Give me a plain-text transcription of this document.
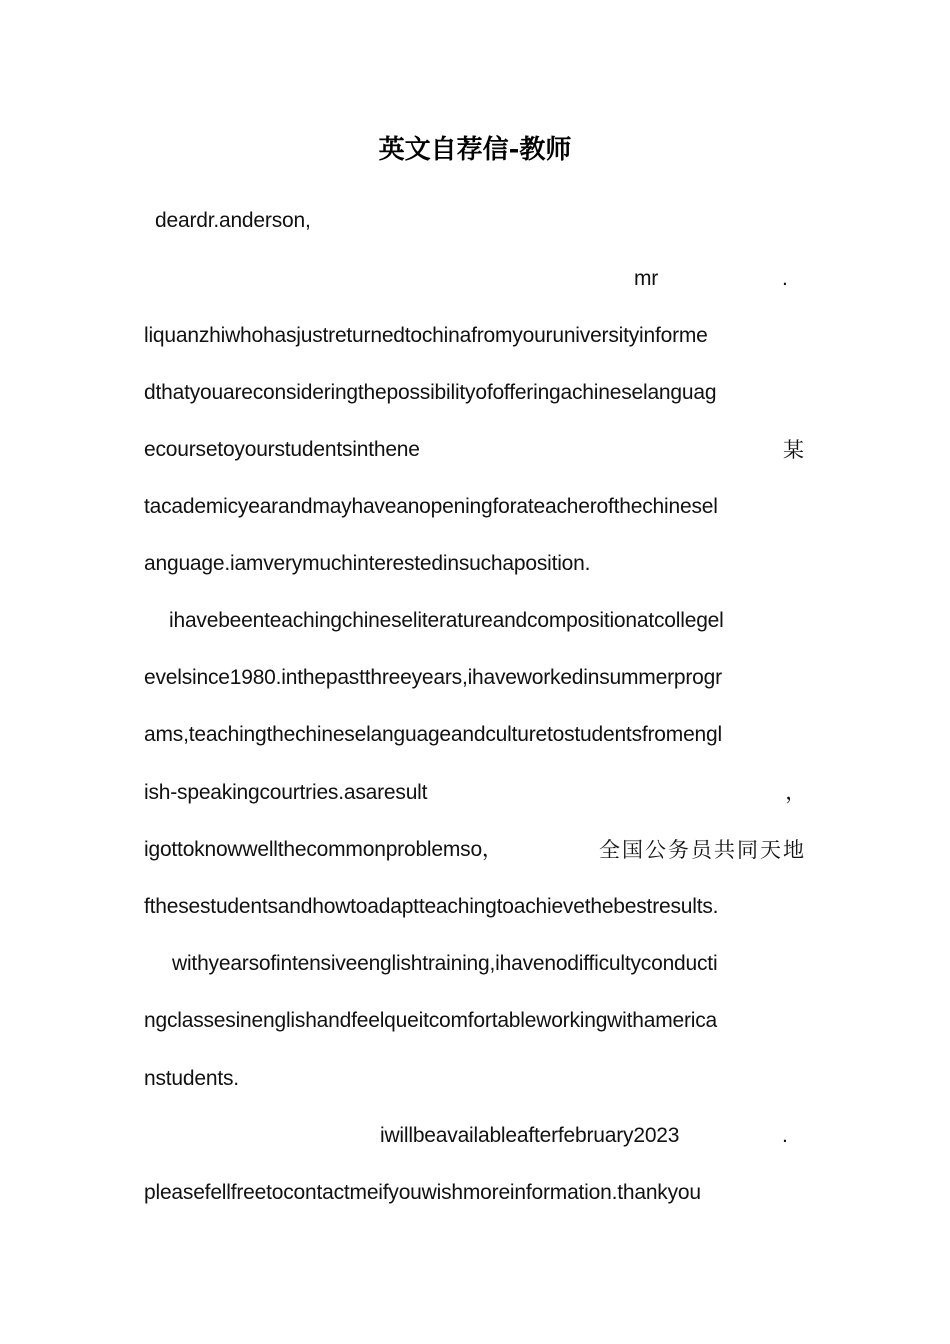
英文自荐信-教师
deardr.anderson,
mr	.
liquanzhiwhohasjustreturnedtochinafromyouruniversityinforme
dthatyouareconsideringthepossibilityofofferingachineselanguag
ecoursetoyourstudentsinthene	某
tacademicyearandmayhaveanopeningforateacherofthechinesel
anguage.iamverymuchinterestedinsuchaposition.
ihavebeenteachingchineseliteratureandcompositionatcollegel
evelsince1980.inthepastthreeyears,ihaveworkedinsummerprogr
ams,teachingthechineselanguageandculturetostudentsfromengl
ish-speakingcourtries.asaresult	，
igottoknowwellthecommonproblemso，	全国公务员共同天地
fthesestudentsandhowtoadaptteachingtoachievethebestresults.
withyearsofintensiveenglishtraining,ihavenodifficultyconducti
ngclassesinenglishandfeelqueitcomfortableworkingwithamerica
nstudents.
iwillbeavailableafterfebruary2023	.
pleasefellfreetocontactmeifyouwishmoreinformation.thankyou
